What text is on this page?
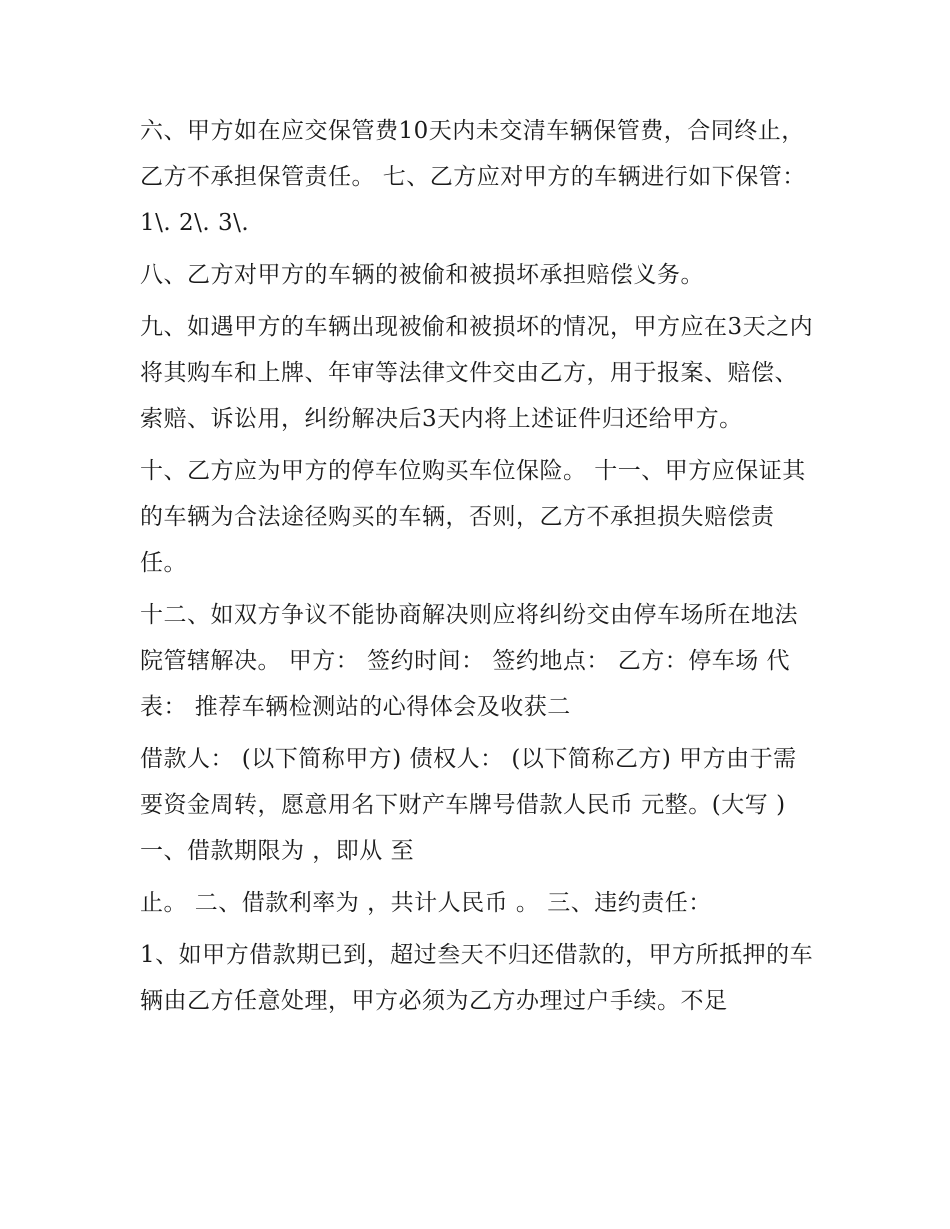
六、甲方如在应交保管费10天内未交清车辆保管费，合同终止，乙方不承担保管责任。 七、乙方应对甲方的车辆进行如下保管： 1\. 2\. 3\.

八、乙方对甲方的车辆的被偷和被损坏承担赔偿义务。

九、如遇甲方的车辆出现被偷和被损坏的情况，甲方应在3天之内将其购车和上牌、年审等法律文件交由乙方，用于报案、赔偿、索赔、诉讼用，纠纷解决后3天内将上述证件归还给甲方。

十、乙方应为甲方的停车位购买车位保险。 十一、甲方应保证其的车辆为合法途径购买的车辆，否则，乙方不承担损失赔偿责任。

十二、如双方争议不能协商解决则应将纠纷交由停车场所在地法院管辖解决。 甲方： 签约时间： 签约地点： 乙方：停车场 代表： 推荐车辆检测站的心得体会及收获二

借款人： (以下简称甲方) 债权人： (以下简称乙方) 甲方由于需要资金周转，愿意用名下财产车牌号借款人民币 元整。(大写 ) 一、借款期限为 ，即从 至

止。 二、借款利率为 ，共计人民币 。 三、违约责任：

1、如甲方借款期已到，超过叁天不归还借款的，甲方所抵押的车辆由乙方任意处理，甲方必须为乙方办理过户手续。不足
